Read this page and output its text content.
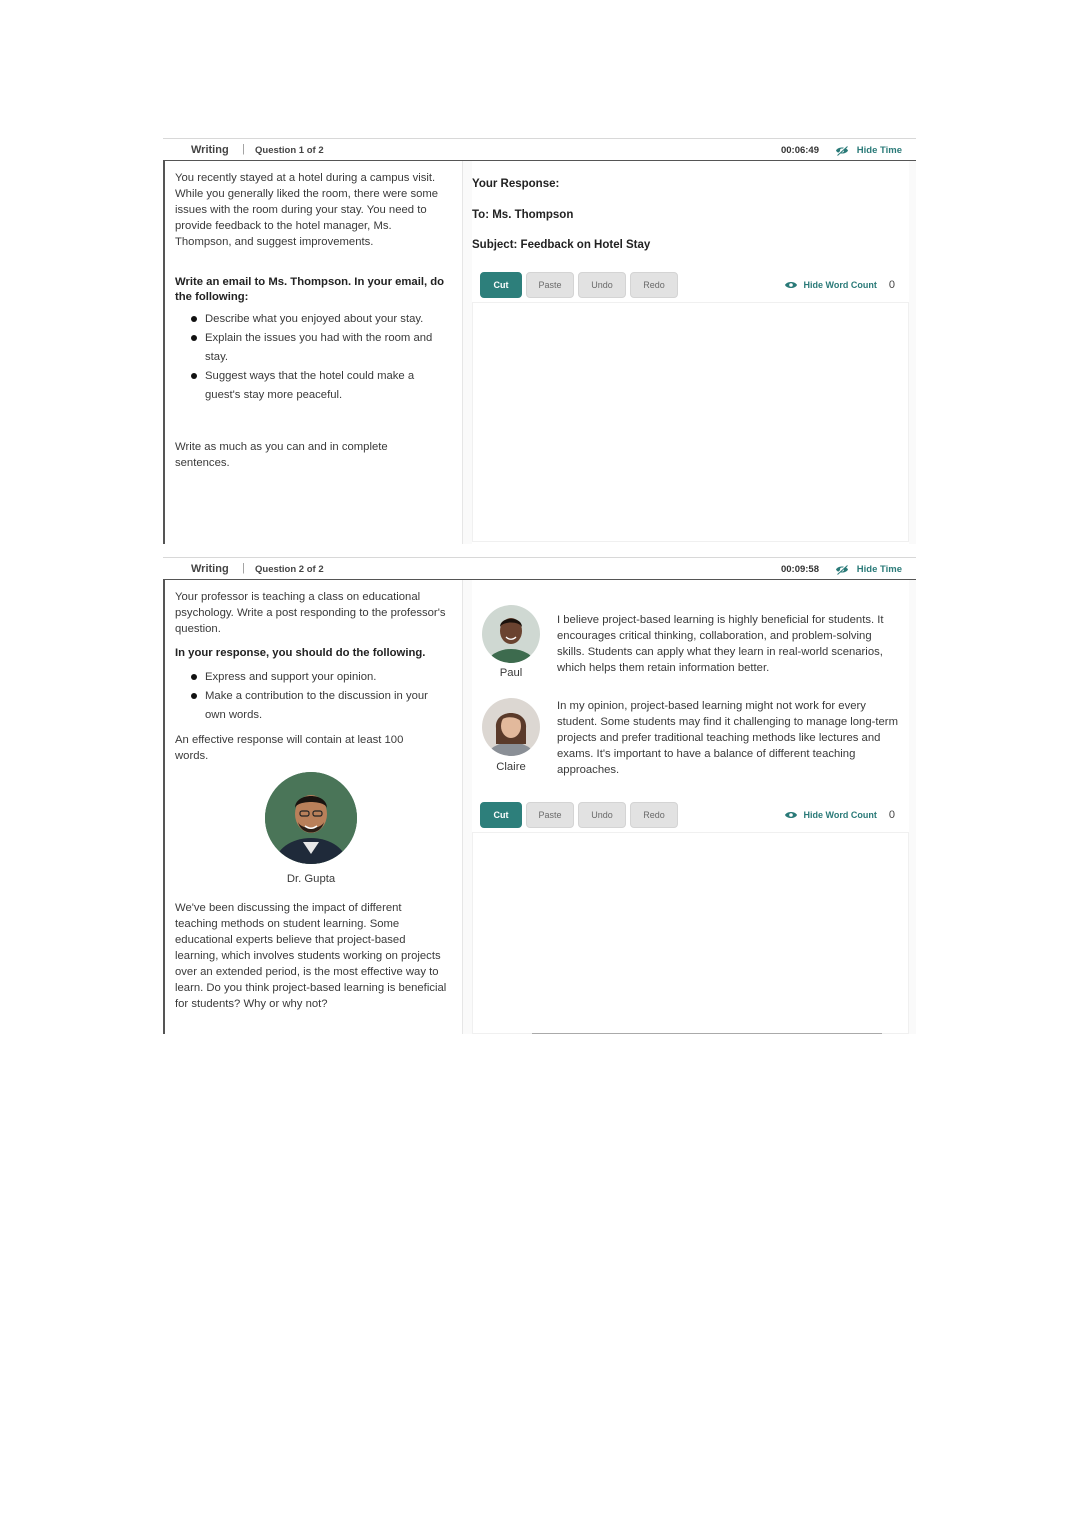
Writing | Question 1 of 2	00:06:49	Hide Time

You recently stayed at a hotel during a campus visit. While you generally liked the room, there were some issues with the room during your stay. You need to provide feedback to the hotel manager, Ms. Thompson, and suggest improvements.

Write an email to Ms. Thompson. In your email, do the following:

Describe what you enjoyed about your stay.
Explain the issues you had with the room and stay.
Suggest ways that the hotel could make a guest's stay more peaceful.

Write as much as you can and in complete sentences.

Your Response:
To: Ms. Thompson
Subject: Feedback on Hotel Stay
Cut	Paste	Undo	Redo	Hide Word Count 0
Writing | Question 2 of 2	00:09:58	Hide Time

Your professor is teaching a class on educational psychology. Write a post responding to the professor's question.

In your response, you should do the following.

Express and support your opinion.
Make a contribution to the discussion in your own words.

An effective response will contain at least 100 words.

Dr. Gupta

We've been discussing the impact of different teaching methods on student learning. Some educational experts believe that project-based learning, which involves students working on projects over an extended period, is the most effective way to learn. Do you think project-based learning is beneficial for students? Why or why not?

Paul

I believe project-based learning is highly beneficial for students. It encourages critical thinking, collaboration, and problem-solving skills. Students can apply what they learn in real-world scenarios, which helps them retain information better.

Claire

In my opinion, project-based learning might not work for every student. Some students may find it challenging to manage long-term projects and prefer traditional teaching methods like lectures and exams. It's important to have a balance of different teaching approaches.

Cut	Paste	Undo	Redo	Hide Word Count 0
